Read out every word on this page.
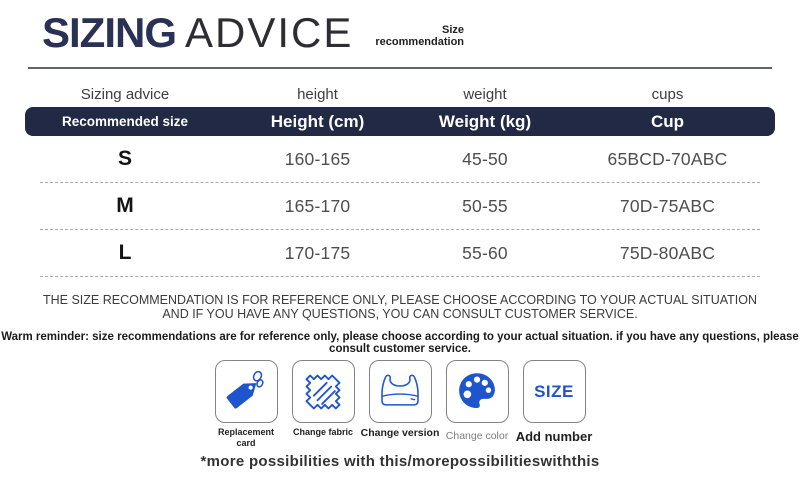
SIZING ADVICE	Size
recommendation
Sizing advice	height	weight	cups
Recommended size	Height (cm)	Weight (kg)	Cup
S	160-165	45-50	65BCD-70ABC
M	165-170	50-55	70D-75ABC
L	170-175	55-60	75D-80ABC
THE SIZE RECOMMENDATION IS FOR REFERENCE ONLY, PLEASE CHOOSE ACCORDING TO YOUR ACTUAL SITUATION
AND IF YOU HAVE ANY QUESTIONS, YOU CAN CONSULT CUSTOMER SERVICE.
Warm reminder: size recommendations are for reference only, please choose according to your actual situation. if you have any questions, please consult customer service.
Replacement card
Change fabric Change version Change color
SIZE
Add number
*more possibilities with this/morepossibilitieswiththis
